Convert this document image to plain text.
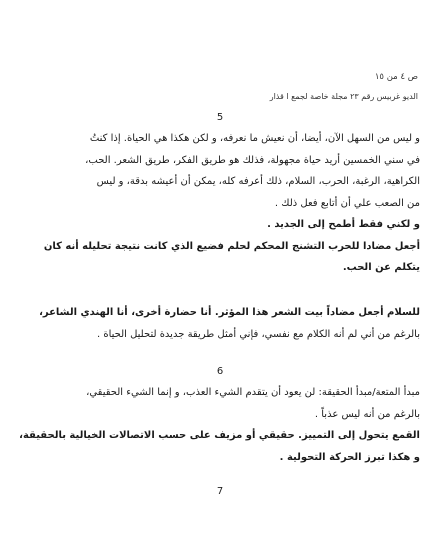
ص ٤ من ١٥
الديو غربيس رقم ٢٣ مجلة خاصة لجمع ا قذار
5

و ليس من السهل الآن، أيضا، أن نعيش ما نعرفه، و لكن هكذا هي الحياة. إذا كنتُ

في سني الخمسين أريد حياة مجهولة، فذلك هو طريق الفكر، طريق الشعر. الحب،

الكراهية، الرغبة، الحرب، السلام، ذلك أعرفه كله، يمكن أن أعيشه بدقة، و ليس

من الصعب علي أن أتابع فعل ذلك .

و لكني فقط أطمح إلى الجديد .

أجعل مضادا للحرب التشنج المحكم لحلم فضيع الذي كانت نتيجة تحليله أنه كان

يتكلم عن الحب.

للسلام أجعل مضاداً بيت الشعر هذا المؤثر. أنا حضارة أخرى، أنا الهندي الشاعر،

بالرغم من أني لم أنه الكلام مع نفسي، فإني أمثل طريقة جديدة لتحليل الحياة .

6

مبدأ المتعة/مبدأ الحقيقة: لن يعود أن يتقدم الشيء العذب، و إنما الشيء الحقيقي،

بالرغم من أنه ليس عذباً .

القمع يتحول إلى التمييز. حقيقي أو مزيف على حسب الاتصالات الخيالية بالحقيقة،

و هكذا تبرز الحركة التحولية .

7
